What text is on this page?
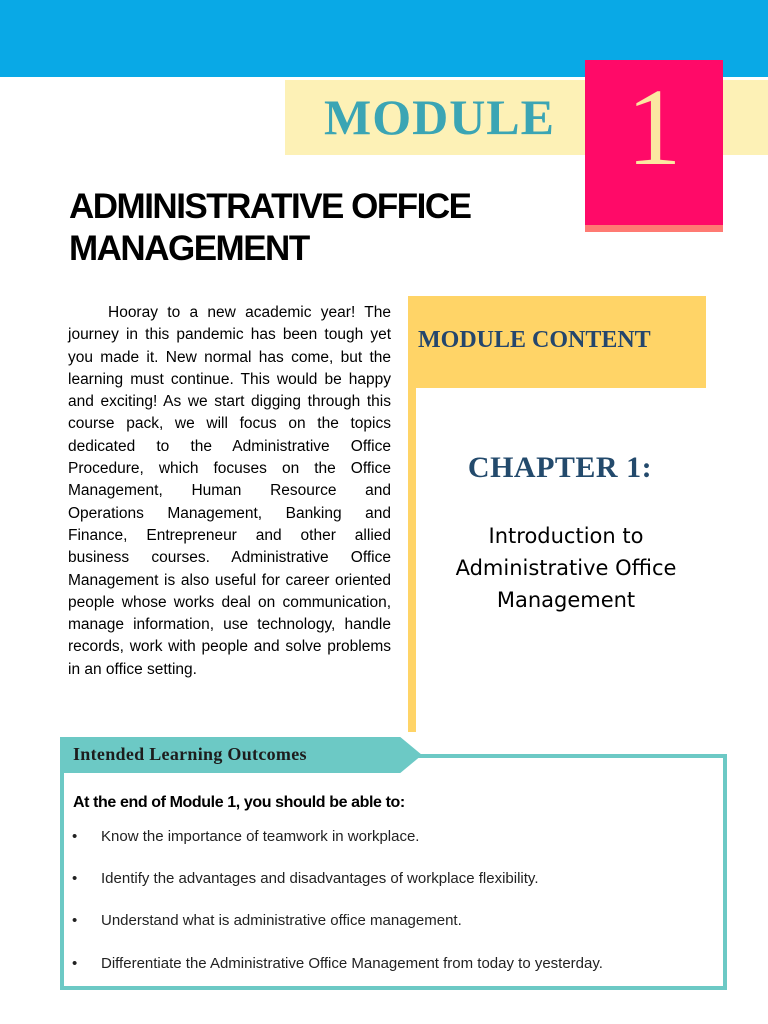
MODULE 1
ADMINISTRATIVE OFFICE
MANAGEMENT

Hooray to a new academic year! The journey in this pandemic has been tough yet you made it. New normal has come, but the learning must continue. This would be happy and exciting! As we start digging through this course pack, we will focus on the topics dedicated to the Administrative Office Procedure, which focuses on the Office Management, Human Resource and Operations Management, Banking and Finance, Entrepreneur and other allied business courses. Administrative Office Management is also useful for career oriented people whose works deal on communication, manage information, use technology, handle records, work with people and solve problems in an office setting.

MODULE CONTENT
CHAPTER 1:
Introduction to
Administrative Office
Management
Intended Learning Outcomes
At the end of Module 1, you should be able to:
• Know the importance of teamwork in workplace.
• Identify the advantages and disadvantages of workplace flexibility.
• Understand what is administrative office management.
• Differentiate the Administrative Office Management from today to yesterday.
